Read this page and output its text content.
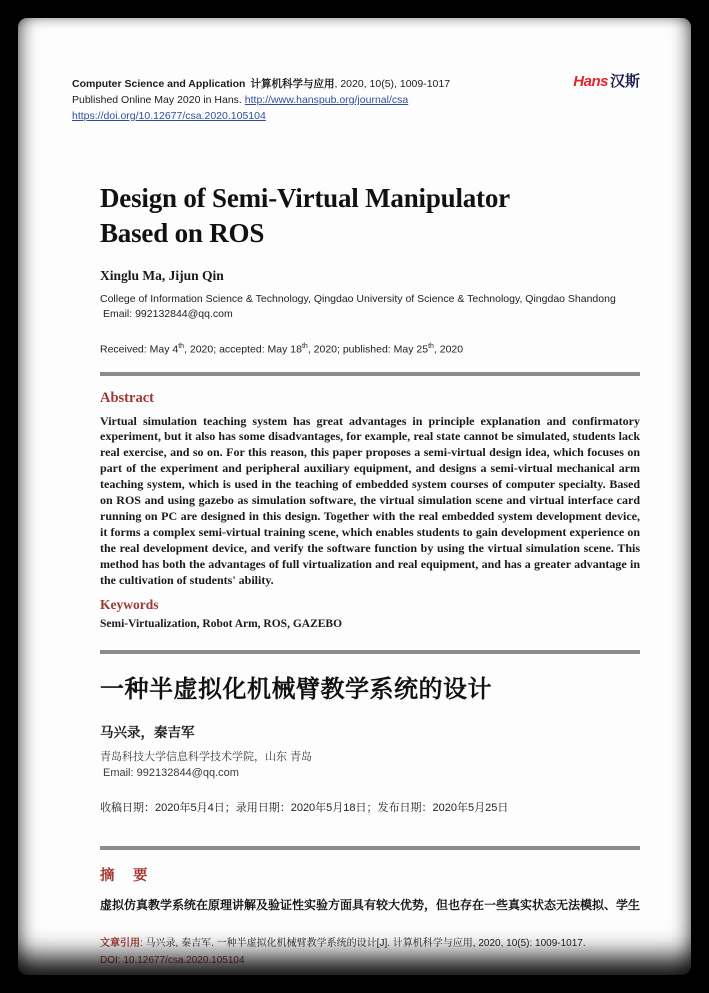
Computer Science and Application 计算机科学与应用, 2020, 10(5), 1009-1017
Published Online May 2020 in Hans. http://www.hanspub.org/journal/csa
https://doi.org/10.12677/csa.2020.105104
Hans 汉斯
Design of Semi-Virtual Manipulator
Based on ROS
Xinglu Ma, Jijun Qin
College of Information Science & Technology, Qingdao University of Science & Technology, Qingdao Shandong
Email: 992132844@qq.com
Received: May 4th, 2020; accepted: May 18th, 2020; published: May 25th, 2020
Abstract
Virtual simulation teaching system has great advantages in principle explanation and confirmatory experiment, but it also has some disadvantages, for example, real state cannot be simulated, students lack real exercise, and so on. For this reason, this paper proposes a semi-virtual design idea, which focuses on part of the experiment and peripheral auxiliary equipment, and designs a semi-virtual mechanical arm teaching system, which is used in the teaching of embedded system courses of computer specialty. Based on ROS and using gazebo as simulation software, the virtual simulation scene and virtual interface card running on PC are designed in this design. Together with the real embedded system development device, it forms a complex semi-virtual training scene, which enables students to gain development experience on the real development device, and verify the software function by using the virtual simulation scene. This method has both the advantages of full virtualization and real equipment, and has a greater advantage in the cultivation of students' ability.
Keywords
Semi-Virtualization, Robot Arm, ROS, GAZEBO
一种半虚拟化机械臂教学系统的设计
马兴录，秦吉军
青岛科技大学信息科学技术学院，山东 青岛
Email: 992132844@qq.com
收稿日期：2020年5月4日；录用日期：2020年5月18日；发布日期：2020年5月25日
摘　要
虚拟仿真教学系统在原理讲解及验证性实验方面具有较大优势，但也存在一些真实状态无法模拟、学生
文章引用: 马兴录, 秦吉军. 一种半虚拟化机械臂教学系统的设计[J]. 计算机科学与应用, 2020, 10(5): 1009-1017.
DOI: 10.12677/csa.2020.105104
